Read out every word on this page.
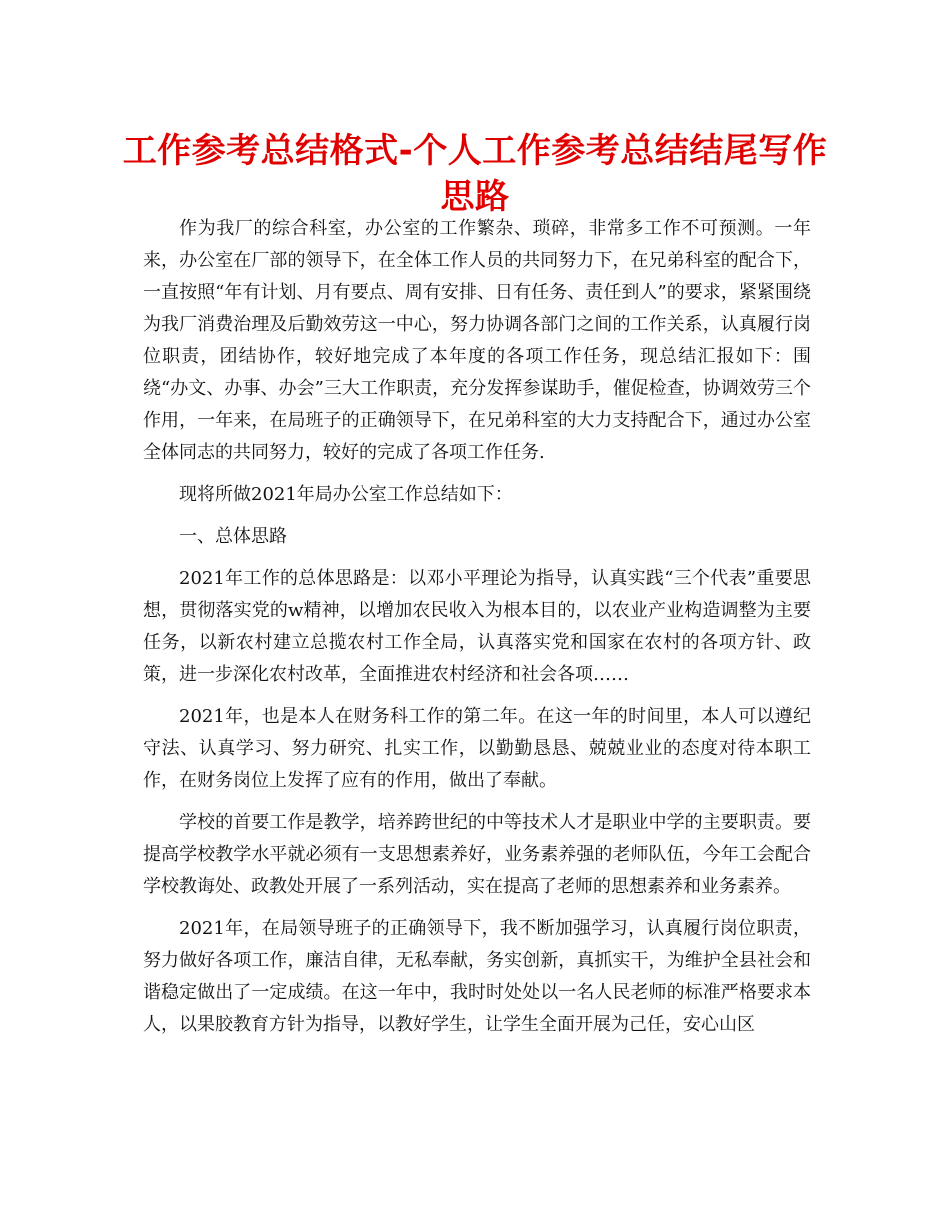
工作参考总结格式-个人工作参考总结结尾写作思路

作为我厂的综合科室，办公室的工作繁杂、琐碎，非常多工作不可预测。一年来，办公室在厂部的领导下，在全体工作人员的共同努力下，在兄弟科室的配合下，一直按照“年有计划、月有要点、周有安排、日有任务、责任到人”的要求，紧紧围绕为我厂消费治理及后勤效劳这一中心，努力协调各部门之间的工作关系，认真履行岗位职责，团结协作，较好地完成了本年度的各项工作任务，现总结汇报如下：围绕“办文、办事、办会”三大工作职责，充分发挥参谋助手，催促检查，协调效劳三个作用，一年来，在局班子的正确领导下，在兄弟科室的大力支持配合下，通过办公室全体同志的共同努力，较好的完成了各项工作任务.

现将所做2021年局办公室工作总结如下：

一、总体思路

2021年工作的总体思路是：以邓小平理论为指导，认真实践“三个代表”重要思想，贯彻落实党的w精神，以增加农民收入为根本目的，以农业产业构造调整为主要任务，以新农村建立总揽农村工作全局，认真落实党和国家在农村的各项方针、政策，进一步深化农村改革，全面推进农村经济和社会各项……

2021年，也是本人在财务科工作的第二年。在这一年的时间里，本人可以遵纪守法、认真学习、努力研究、扎实工作，以勤勤恳恳、兢兢业业的态度对待本职工作，在财务岗位上发挥了应有的作用，做出了奉献。

学校的首要工作是教学，培养跨世纪的中等技术人才是职业中学的主要职责。要提高学校教学水平就必须有一支思想素养好，业务素养强的老师队伍，今年工会配合学校教诲处、政教处开展了一系列活动，实在提高了老师的思想素养和业务素养。

2021年，在局领导班子的正确领导下，我不断加强学习，认真履行岗位职责，努力做好各项工作，廉洁自律，无私奉献，务实创新，真抓实干，为维护全县社会和谐稳定做出了一定成绩。在这一年中，我时时处处以一名人民老师的标准严格要求本人，以果胶教育方针为指导，以教好学生，让学生全面开展为己任，安心山区
